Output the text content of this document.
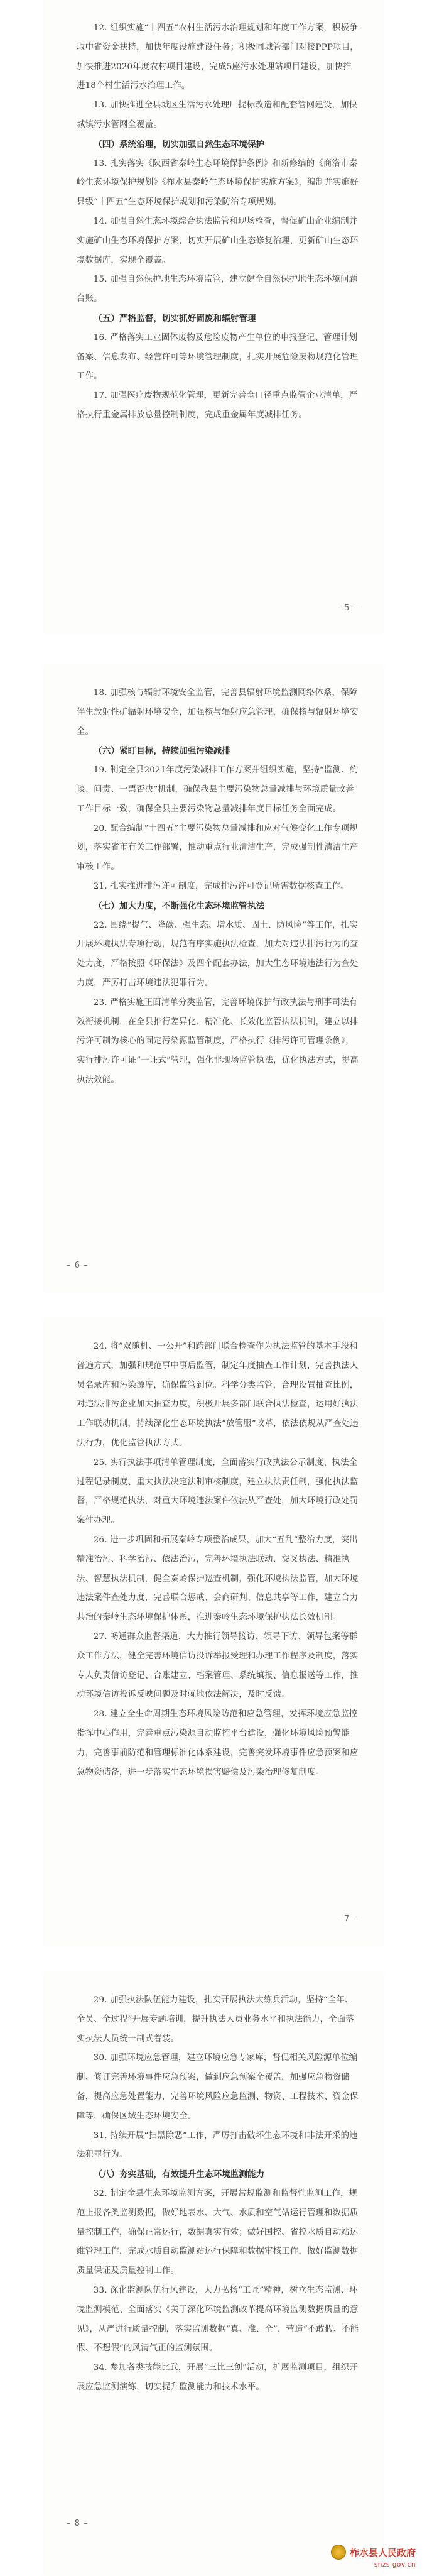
12. 组织实施“十四五”农村生活污水治理规划和年度工作方案，积极争取中省资金扶持，加快年度设施建设任务；积极同城管部门对接PPP项目，加快推进2020年度农村项目建设，完成5座污水处理站项目建设，加快推进18个村生活污水治理工作。

13. 加快推进全县城区生活污水处理厂提标改造和配套管网建设，加快城镇污水管网全覆盖。

（四）系统治理，切实加强自然生态环境保护

13. 扎实落实《陕西省秦岭生态环境保护条例》和新修编的《商洛市秦岭生态环境保护规划》《柞水县秦岭生态环境保护实施方案》，编制并实施好县级“十四五”生态环境保护规划和污染防治专项规划。

14. 加强自然生态环境综合执法监管和现场检查，督促矿山企业编制并实施矿山生态环境保护方案，切实开展矿山生态修复治理，更新矿山生态环境数据库，实现全覆盖。

15. 加强自然保护地生态环境监管，建立健全自然保护地生态环境问题台账。

（五）严格监督，切实抓好固废和辐射管理

16. 严格落实工业固体废物及危险废物产生单位的申报登记、管理计划备案、信息发布、经营许可等环境管理制度，扎实开展危险废物规范化管理工作。

17. 加强医疗废物规范化管理，更新完善全口径重点监管企业清单，严格执行重金属排放总量控制制度，完成重金属年度减排任务。

– 5 –

18. 加强核与辐射环境安全监管，完善县辐射环境监测网络体系，保障伴生放射性矿辐射环境安全，加强核与辐射应急管理，确保核与辐射环境安全。

（六）紧盯目标，持续加强污染减排

19. 制定全县2021年度污染减排工作方案并组织实施，坚持“监测、约谈、问责、一票否决”机制，确保我县主要污染物总量减排与环境质量改善工作目标一致，确保全县主要污染物总量减排年度目标任务全面完成。

20. 配合编制“十四五”主要污染物总量减排和应对气候变化工作专项规划，落实省市有关工作部署，推动重点行业清洁生产，完成强制性清洁生产审核工作。

21. 扎实推进排污许可制度，完成排污许可登记所需数据核查工作。

（七）加大力度，不断强化生态环境监管执法

22. 围绕“提气、降碳、强生态、增水质、固土、防风险”等工作，扎实开展环境执法专项行动，规范有序实施执法检查，加大对违法排污行为的查处力度，严格按照《环保法》及四个配套办法，加大生态环境违法行为查处力度，严厉打击环境违法犯罪行为。

23. 严格实施正面清单分类监管，完善环境保护行政执法与刑事司法有效衔接机制，在全县推行差异化、精准化、长效化监管执法机制，建立以排污许可制为核心的固定污染源监管制度，严格执行《排污许可管理条例》，实行排污许可证“一证式”管理，强化非现场监管执法，优化执法方式，提高执法效能。

– 6 –

24. 将“双随机、一公开”和跨部门联合检查作为执法监管的基本手段和普遍方式，加强和规范事中事后监管，制定年度抽查工作计划，完善执法人员名录库和污染源库，确保监管到位。科学分类监管，合理设置抽查比例，对违法排污企业加大抽查力度，积极开展多部门联合执法检查，运用好执法工作联动机制，持续深化生态环境执法“放管服”改革，依法依规从严查处违法行为，优化监管执法方式。

25. 实行执法事项清单管理制度，全面落实行政执法公示制度、执法全过程记录制度、重大执法决定法制审核制度，建立执法责任制，强化执法监督，严格规范执法，对重大环境违法案件依法从严查处，加大环境行政处罚案件办理。

26. 进一步巩固和拓展秦岭专项整治成果，加大“五乱”整治力度，突出精准治污、科学治污、依法治污，完善环境执法联动、交叉执法、精准执法、智慧执法机制，健全秦岭保护巡查机制，强化环境执法监管，加大环境违法案件查处力度，完善联合惩戒、会商研判、信息共享等工作，建立合力共治的秦岭生态环境保护体系，推进秦岭生态环境保护执法长效机制。

27. 畅通群众监督渠道，大力推行领导接访、领导下访、领导包案等群众工作方法，健全完善环境信访投诉举报受理和办理工作程序及制度，落实专人负责信访登记、台账建立、档案管理、系统填报、信息报送等工作，推动环境信访投诉反映问题及时就地依法解决，及时反馈。

28. 建立全生命周期生态环境风险防范和应急管理，发挥环境应急监控指挥中心作用，完善重点污染源自动监控平台建设，强化环境风险预警能力，完善事前防范和管理标准化体系建设，完善突发环境事件应急预案和应急物资储备，进一步落实生态环境损害赔偿及污染治理修复制度。

– 7 –

29. 加强执法队伍能力建设，扎实开展执法大练兵活动，坚持“全年、全员、全过程”开展专题培训，提升执法人员业务水平和执法能力，全面落实执法人员统一制式着装。

30. 加强环境应急管理，建立环境应急专家库，督促相关风险源单位编制、修订完善环境事件应急预案，做到应急预案全覆盖，加强应急物资储备，提高应急处置能力，完善环境风险应急监测、物资、工程技术、资金保障等，确保区域生态环境安全。

31. 持续开展“扫黑除恶”工作，严厉打击破坏生态环境和非法开采的违法犯罪行为。

（八）夯实基础，有效提升生态环境监测能力

32. 制定全县生态环境监测方案，开展常规监测和监督性监测工作，规范上报各类监测数据，做好地表水、大气、水质和空气站运行管理和数据质量控制工作，确保正常运行，数据真实有效；做好国控、省控水质自动站运维管理工作，完成水质自动监测站运行保障和数据审核工作，做好监测数据质量保证及质量控制工作。

33. 深化监测队伍行风建设，大力弘扬“工匠”精神，树立生态监测、环境监测模范、全面落实《关于深化环境监测改革提高环境监测数据质量的意见》，从严进行质量控制，落实监测数据“真、准、全”，营造“不敢假、不能假、不想假”的风清气正的监测氛围。

34. 参加各类技能比武，开展“三比三创”活动，扩展监测项目，组织开展应急监测演练，切实提升监测能力和技术水平。

– 8 –
柞水县人民政府
snzs.gov.cn
